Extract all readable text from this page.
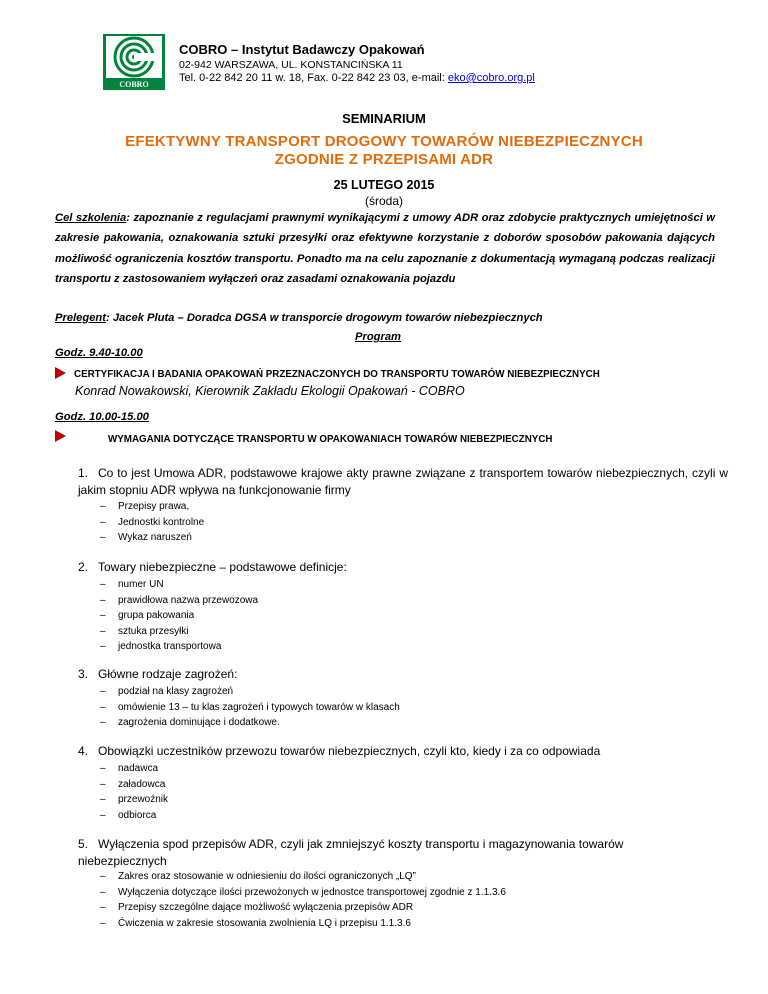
COBRO
COBRO – Instytut Badawczy Opakowań
02-942 WARSZAWA, UL. KONSTANCIŃSKA 11
Tel. 0-22 842 20 11 w. 18, Fax. 0-22 842 23 03, e-mail: eko@cobro.org.pl
SEMINARIUM
EFEKTYWNY TRANSPORT DROGOWY TOWARÓW NIEBEZPIECZNYCH
ZGODNIE Z PRZEPISAMI ADR
25 LUTEGO 2015
(środa)
Cel szkolenia: zapoznanie z regulacjami prawnymi wynikającymi z umowy ADR oraz zdobycie praktycznych umiejętności w zakresie pakowania, oznakowania sztuki przesyłki oraz efektywne korzystanie z doborów sposobów pakowania dających możliwość ograniczenia kosztów transportu. Ponadto ma na celu zapoznanie z dokumentacją wymaganą podczas realizacji transportu z zastosowaniem wyłączeń oraz zasadami oznakowania pojazdu
Prelegent: Jacek Pluta – Doradca DGSA w transporcie drogowym towarów niebezpiecznych
Program
Godz. 9.40-10.00
CERTYFIKACJA I BADANIA OPAKOWAŃ PRZEZNACZONYCH DO TRANSPORTU TOWARÓW NIEBEZPIECZNYCH
Konrad Nowakowski, Kierownik Zakładu Ekologii Opakowań - COBRO
Godz. 10.00-15.00
WYMAGANIA DOTYCZĄCE TRANSPORTU W OPAKOWANIACH TOWARÓW NIEBEZPIECZNYCH
1. Co to jest Umowa ADR, podstawowe krajowe akty prawne związane z transportem towarów niebezpiecznych, czyli w jakim stopniu ADR wpływa na funkcjonowanie firmy
– Przepisy prawa,
– Jednostki kontrolne
– Wykaz naruszeń
2. Towary niebezpieczne – podstawowe definicje:
– numer UN
– prawidłowa nazwa przewozowa
– grupa pakowania
– sztuka przesyłki
– jednostka transportowa
3. Główne rodzaje zagrożeń:
– podział na klasy zagrożeń
– omówienie 13 – tu klas zagrożeń i typowych towarów w klasach
– zagrożenia dominujące i dodatkowe.
4. Obowiązki uczestników przewozu towarów niebezpiecznych, czyli kto, kiedy i za co odpowiada
– nadawca
– załadowca
– przewoźnik
– odbiorca
5. Wyłączenia spod przepisów ADR, czyli jak zmniejszyć koszty transportu i magazynowania towarów niebezpiecznych
– Zakres oraz stosowanie w odniesieniu do ilości ograniczonych „LQ”
– Wyłączenia dotyczące ilości przewożonych w jednostce transportowej zgodnie z 1.1.3.6
– Przepisy szczególne dające możliwość wyłączenia przepisów ADR
– Ćwiczenia w zakresie stosowania zwolnienia LQ i przepisu 1.1.3.6
